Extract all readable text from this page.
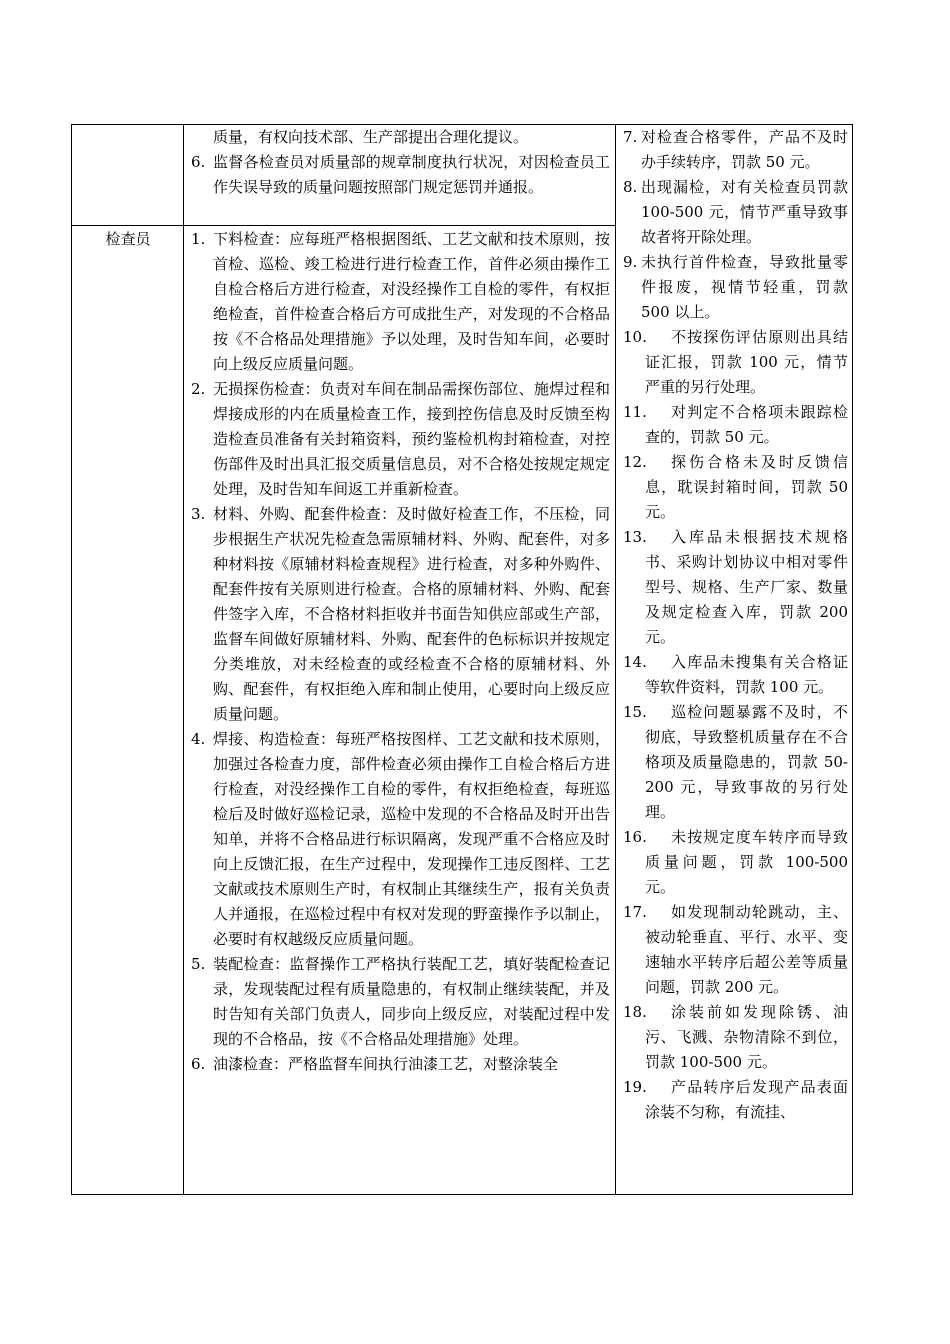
检查员

质量，有权向技术部、生产部提出合理化提议。

6. 监督各检查员对质量部的规章制度执行状况，对因检查员工作失误导致的质量问题按照部门规定惩罚并通报。

1. 下料检查：应每班严格根据图纸、工艺文献和技术原则，按首检、巡检、竣工检进行进行检查工作，首件必须由操作工自检合格后方进行检查，对没经操作工自检的零件，有权拒绝检查，首件检查合格后方可成批生产，对发现的不合格品按《不合格品处理措施》予以处理，及时告知车间，必要时向上级反应质量问题。

2. 无损探伤检查：负责对车间在制品需探伤部位、施焊过程和焊接成形的内在质量检查工作，接到控伤信息及时反馈至构造检查员准备有关封箱资料，预约鉴检机构封箱检查，对控伤部件及时出具汇报交质量信息员，对不合格处按规定规定处理，及时告知车间返工并重新检查。

3. 材料、外购、配套件检查：及时做好检查工作，不压检，同步根据生产状况先检查急需原辅材料、外购、配套件，对多种材料按《原辅材料检查规程》进行检查，对多种外购件、配套件按有关原则进行检查。合格的原辅材料、外购、配套件签字入库，不合格材料拒收并书面告知供应部或生产部，监督车间做好原辅材料、外购、配套件的色标标识并按规定分类堆放，对未经检查的或经检查不合格的原辅材料、外购、配套件，有权拒绝入库和制止使用，心要时向上级反应质量问题。

4. 焊接、构造检查：每班严格按图样、工艺文献和技术原则，加强过各检查力度，部件检查必须由操作工自检合格后方进行检查，对没经操作工自检的零件，有权拒绝检查，每班巡检后及时做好巡检记录，巡检中发现的不合格品及时开出告知单，并将不合格品进行标识隔离，发现严重不合格应及时向上反馈汇报，在生产过程中，发现操作工违反图样、工艺文献或技术原则生产时，有权制止其继续生产，报有关负责人并通报，在巡检过程中有权对发现的野蛮操作予以制止，必要时有权越级反应质量问题。

5. 装配检查：监督操作工严格执行装配工艺，填好装配检查记录，发现装配过程有质量隐患的，有权制止继续装配，并及时告知有关部门负责人，同步向上级反应，对装配过程中发现的不合格品，按《不合格品处理措施》处理。

6. 油漆检查：严格监督车间执行油漆工艺，对整涂装全

7. 对检查合格零件，产品不及时办手续转序，罚款 50 元。

8. 出现漏检，对有关检查员罚款 100-500 元，情节严重导致事故者将开除处理。

9. 未执行首件检查，导致批量零件报废，视情节轻重，罚款 500 以上。

10. 不按探伤评估原则出具结证汇报，罚款 100 元，情节严重的另行处理。

11. 对判定不合格项未跟踪检查的，罚款 50 元。

12. 探伤合格未及时反馈信息，耽误封箱时间，罚款 50 元。

13. 入库品未根据技术规格书、采购计划协议中相对零件型号、规格、生产厂家、数量及规定检查入库，罚款 200 元。

14. 入库品未搜集有关合格证等软件资料，罚款 100 元。

15. 巡检问题暴露不及时，不彻底，导致整机质量存在不合格项及质量隐患的，罚款 50-200 元，导致事故的另行处理。

16. 未按规定度车转序而导致质量问题，罚款 100-500 元。

17. 如发现制动轮跳动，主、被动轮垂直、平行、水平、变速轴水平转序后超公差等质量问题，罚款 200 元。

18. 涂装前如发现除锈、油污、飞溅、杂物清除不到位，罚款 100-500 元。

19. 产品转序后发现产品表面涂装不匀称，有流挂、
